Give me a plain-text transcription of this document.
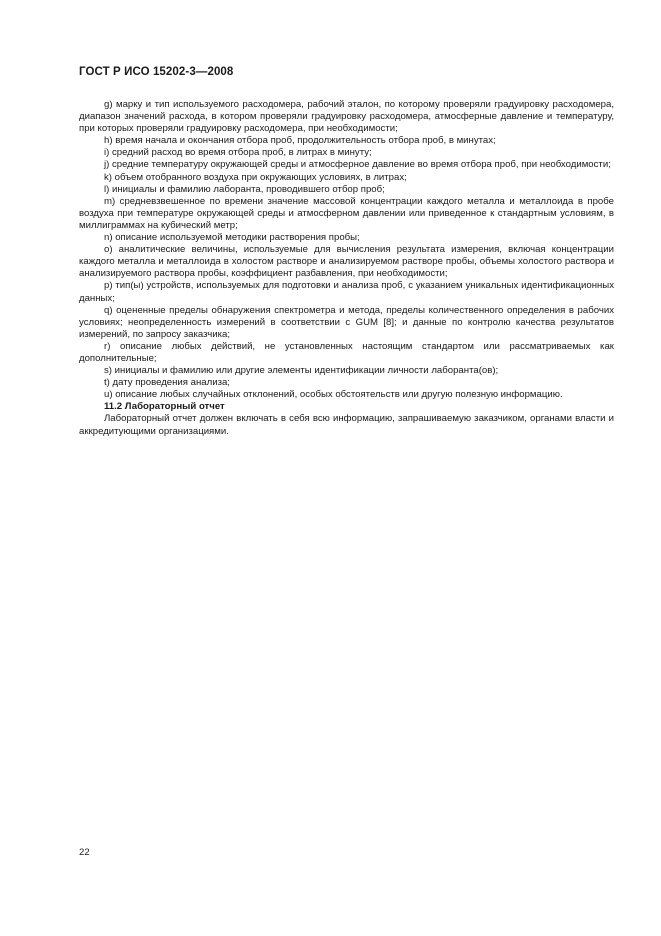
ГОСТ Р ИСО 15202-3—2008

g) марку и тип используемого расходомера, рабочий эталон, по которому проверяли градуировку расходомера, диапазон значений расхода, в котором проверяли градуировку расходомера, атмосферные давление и температуру, при которых проверяли градуировку расходомера, при необходимости;

h) время начала и окончания отбора проб, продолжительность отбора проб, в минутах;

i) средний расход во время отбора проб, в литрах в минуту;

j) средние температуру окружающей среды и атмосферное давление во время отбора проб, при необходимости;

k) объем отобранного воздуха при окружающих условиях, в литрах;

l) инициалы и фамилию лаборанта, проводившего отбор проб;

m) средневзвешенное по времени значение массовой концентрации каждого металла и металлоида в пробе воздуха при температуре окружающей среды и атмосферном давлении или приведенное к стандартным условиям, в миллиграммах на кубический метр;

n) описание используемой методики растворения пробы;

o) аналитические величины, используемые для вычисления результата измерения, включая концентрации каждого металла и металлоида в холостом растворе и анализируемом растворе пробы, объемы холостого раствора и анализируемого раствора пробы, коэффициент разбавления, при необходимости;

p) тип(ы) устройств, используемых для подготовки и анализа проб, с указанием уникальных идентификационных данных;

q) оцененные пределы обнаружения спектрометра и метода, пределы количественного определения в рабочих условиях; неопределенность измерений в соответствии с GUM [8]; и данные по контролю качества результатов измерений, по запросу заказчика;

r) описание любых действий, не установленных настоящим стандартом или рассматриваемых как дополнительные;

s) инициалы и фамилию или другие элементы идентификации личности лаборанта(ов);

t) дату проведения анализа;

u) описание любых случайных отклонений, особых обстоятельств или другую полезную информацию.

11.2 Лабораторный отчет

Лабораторный отчет должен включать в себя всю информацию, запрашиваемую заказчиком, органами власти и аккредитующими организациями.

22
